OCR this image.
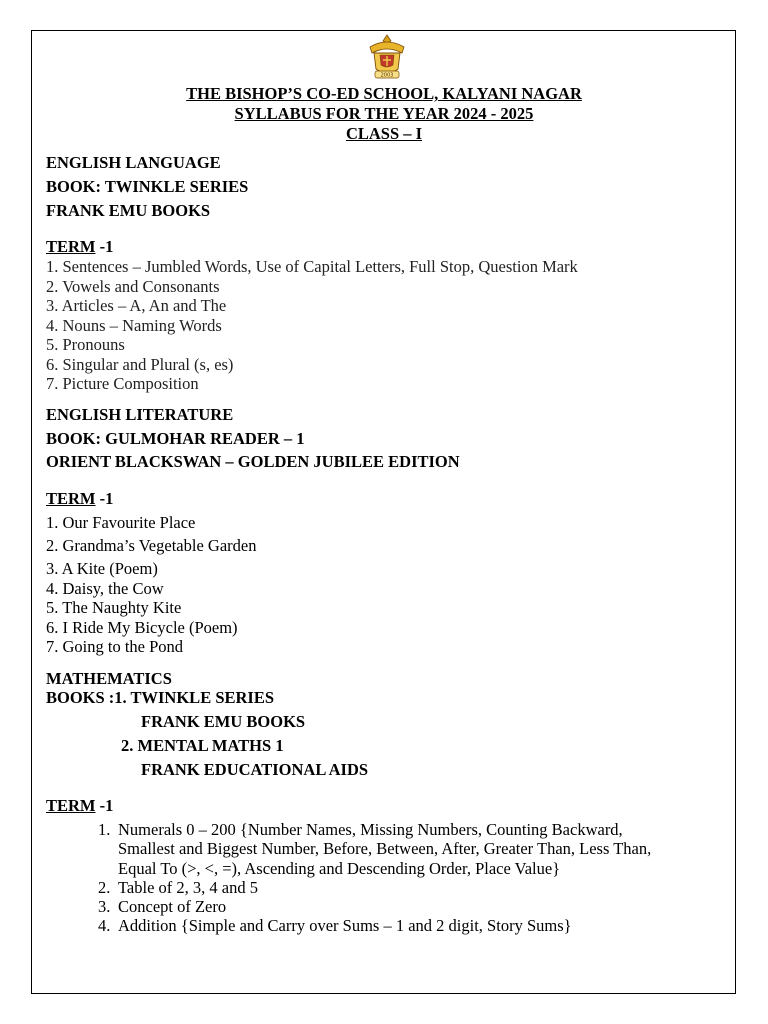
2003
THE BISHOP’S CO-ED SCHOOL, KALYANI NAGAR
SYLLABUS FOR THE YEAR 2024 - 2025
CLASS – I
ENGLISH LANGUAGE
BOOK: TWINKLE SERIES
FRANK EMU BOOKS
TERM -1
1. Sentences – Jumbled Words, Use of Capital Letters, Full Stop, Question Mark
2. Vowels and Consonants
3. Articles – A, An and The
4. Nouns – Naming Words
5. Pronouns
6. Singular and Plural (s, es)
7. Picture Composition
ENGLISH LITERATURE
BOOK: GULMOHAR READER – 1
ORIENT BLACKSWAN – GOLDEN JUBILEE EDITION
TERM -1
1. Our Favourite Place
2. Grandma’s Vegetable Garden
3. A Kite (Poem)
4. Daisy, the Cow
5. The Naughty Kite
6. I Ride My Bicycle (Poem)
7. Going to the Pond
MATHEMATICS
BOOKS :1. TWINKLE SERIES
FRANK EMU BOOKS
2. MENTAL MATHS 1
FRANK EDUCATIONAL AIDS
TERM -1
1. Numerals 0 – 200 {Number Names, Missing Numbers, Counting Backward, Smallest and Biggest Number, Before, Between, After, Greater Than, Less Than, Equal To (>, <, =), Ascending and Descending Order, Place Value}
2. Table of 2, 3, 4 and 5
3. Concept of Zero
4. Addition {Simple and Carry over Sums – 1 and 2 digit, Story Sums}
